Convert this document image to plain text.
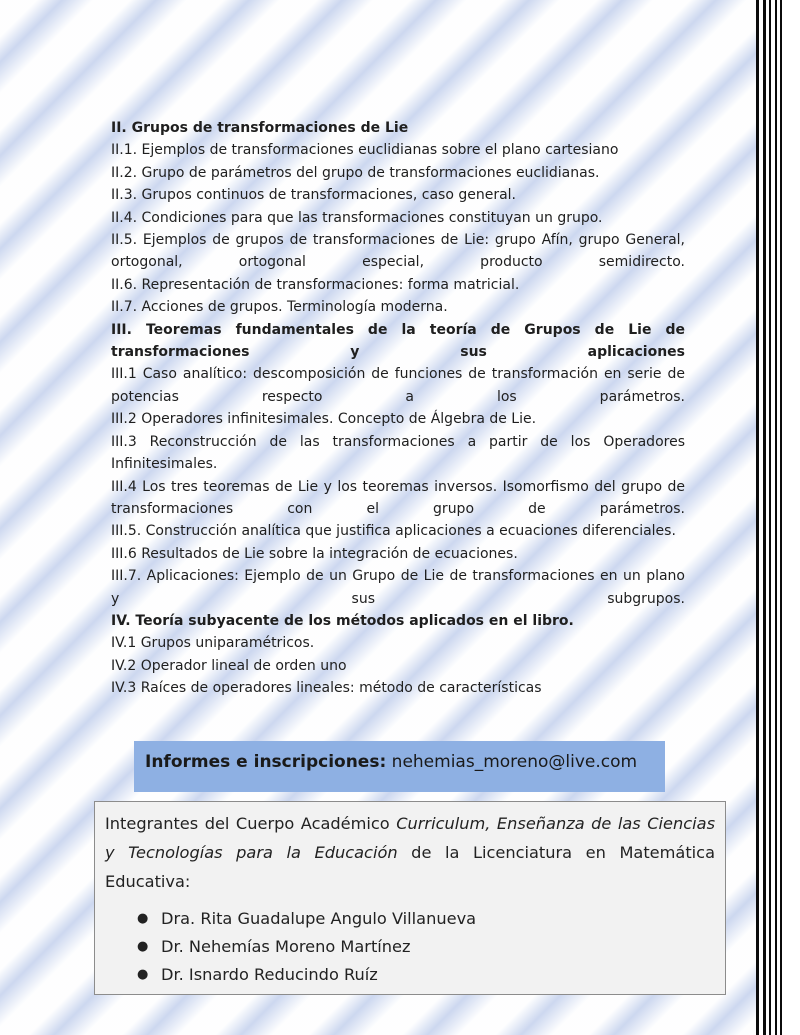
II. Grupos de transformaciones de Lie
II.1. Ejemplos de transformaciones euclidianas sobre el plano cartesiano
II.2. Grupo de parámetros del grupo de transformaciones euclidianas.
II.3. Grupos continuos de transformaciones, caso general.
II.4. Condiciones para que las transformaciones constituyan un grupo.
II.5. Ejemplos de grupos de transformaciones de Lie: grupo Afín, grupo General, ortogonal, ortogonal especial, producto semidirecto.
II.6. Representación de transformaciones: forma matricial.
II.7. Acciones de grupos. Terminología moderna.
III. Teoremas fundamentales de la teoría de Grupos de Lie de transformaciones y sus aplicaciones
III.1 Caso analítico: descomposición de funciones de transformación en serie de potencias respecto a los parámetros.
III.2 Operadores infinitesimales. Concepto de Álgebra de Lie.
III.3 Reconstrucción de las transformaciones a partir de los Operadores Infinitesimales.
III.4 Los tres teoremas de Lie y los teoremas inversos. Isomorfismo del grupo de transformaciones con el grupo de parámetros.
III.5. Construcción analítica que justifica aplicaciones a ecuaciones diferenciales.
III.6 Resultados de Lie sobre la integración de ecuaciones.
III.7. Aplicaciones: Ejemplo de un Grupo de Lie de transformaciones en un plano y sus subgrupos.
IV. Teoría subyacente de los métodos aplicados en el libro.
IV.1 Grupos uniparamétricos.
IV.2 Operador lineal de orden uno
IV.3 Raíces de operadores lineales: método de características
Informes e inscripciones: nehemias_moreno@live.com

Integrantes del Cuerpo Académico Curriculum, Enseñanza de las Ciencias y Tecnologías para la Educación de la Licenciatura en Matemática Educativa:

● Dra. Rita Guadalupe Angulo Villanueva
● Dr. Nehemías Moreno Martínez
● Dr. Isnardo Reducindo Ruíz
